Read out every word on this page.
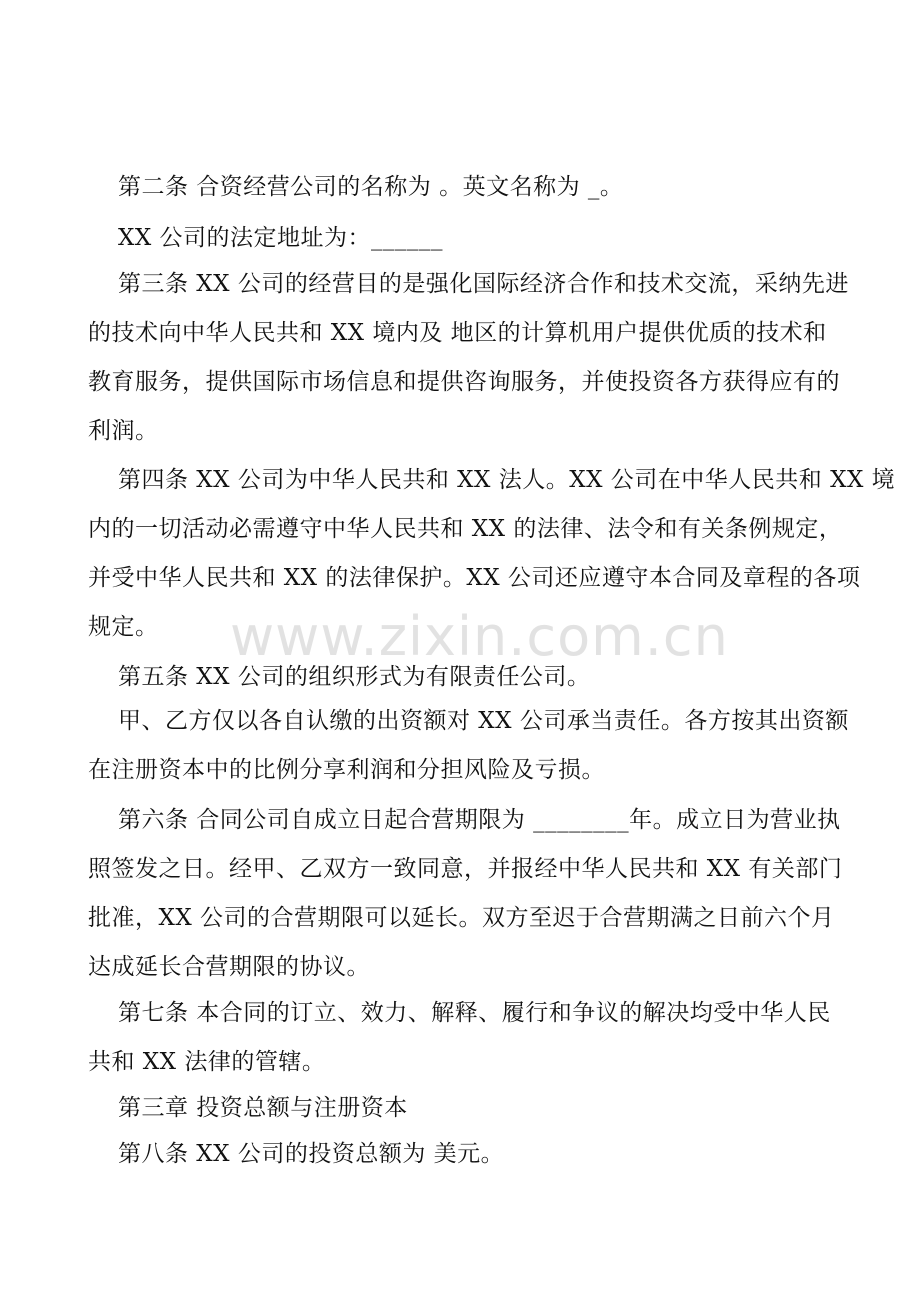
www.zixin.com.cn
第二条 合资经营公司的名称为 。英文名称为 _。
XX 公司的法定地址为：______
第三条 XX 公司的经营目的是强化国际经济合作和技术交流，采纳先进
的技术向中华人民共和 XX 境内及 地区的计算机用户提供优质的技术和
教育服务，提供国际市场信息和提供咨询服务，并使投资各方获得应有的
利润。
第四条 XX 公司为中华人民共和 XX 法人。XX 公司在中华人民共和 XX 境
内的一切活动必需遵守中华人民共和 XX 的法律、法令和有关条例规定，
并受中华人民共和 XX 的法律保护。XX 公司还应遵守本合同及章程的各项
规定。
第五条 XX 公司的组织形式为有限责任公司。
甲、乙方仅以各自认缴的出资额对 XX 公司承当责任。各方按其出资额
在注册资本中的比例分享利润和分担风险及亏损。
第六条 合同公司自成立日起合营期限为 ________年。成立日为营业执
照签发之日。经甲、乙双方一致同意，并报经中华人民共和 XX 有关部门
批准，XX 公司的合营期限可以延长。双方至迟于合营期满之日前六个月
达成延长合营期限的协议。
第七条 本合同的订立、效力、解释、履行和争议的解决均受中华人民
共和 XX 法律的管辖。
第三章 投资总额与注册资本
第八条 XX 公司的投资总额为 美元。
